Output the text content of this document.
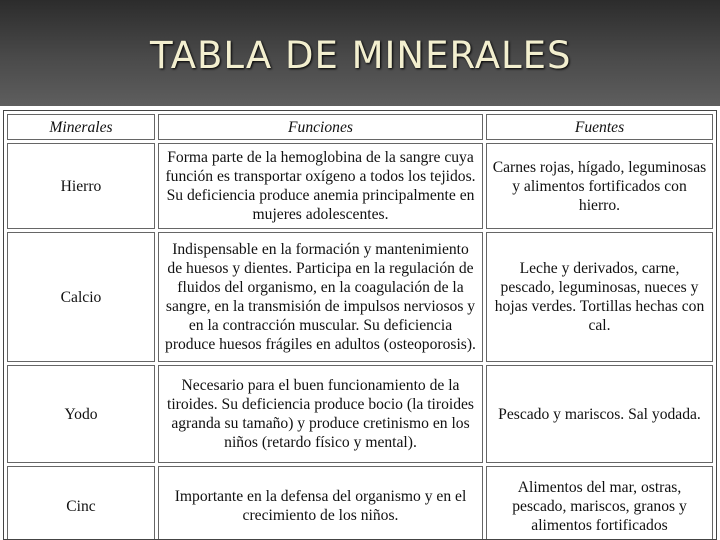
TABLA DE MINERALES
Minerales	Funciones	Fuentes
Hierro	Forma parte de la hemoglobina de la sangre cuya función es transportar oxígeno a todos los tejidos. Su deficiencia produce anemia principalmente en mujeres adolescentes.	Carnes rojas, hígado, leguminosas y alimentos fortificados con hierro.
Calcio	Indispensable en la formación y mantenimiento de huesos y dientes. Participa en la regulación de fluidos del organismo, en la coagulación de la sangre, en la transmisión de impulsos nerviosos y en la contracción muscular. Su deficiencia produce huesos frágiles en adultos (osteoporosis).	Leche y derivados, carne, pescado, leguminosas, nueces y hojas verdes. Tortillas hechas con cal.
Yodo	Necesario para el buen funcionamiento de la tiroides. Su deficiencia produce bocio (la tiroides agranda su tamaño) y produce cretinismo en los niños (retardo físico y mental).	Pescado y mariscos. Sal yodada.
Cinc	Importante en la defensa del organismo y en el crecimiento de los niños.	Alimentos del mar, ostras, pescado, mariscos, granos y alimentos fortificados
